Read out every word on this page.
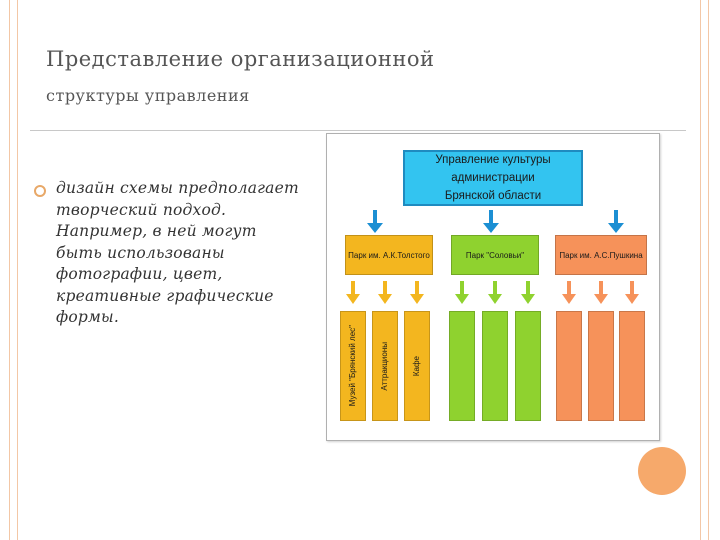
Представление организационной
структуры управления
дизайн схемы предполагает
творческий подход.
Например, в ней могут
быть использованы
фотографии, цвет,
креативные графические
формы.
Управление культуры администрации
Брянской области
Парк им. А.К.Толстого	Парк "Соловьи"	Парк им. А.С.Пушкина
Музей "Брянский лес"	Аттракционы	Кафе
